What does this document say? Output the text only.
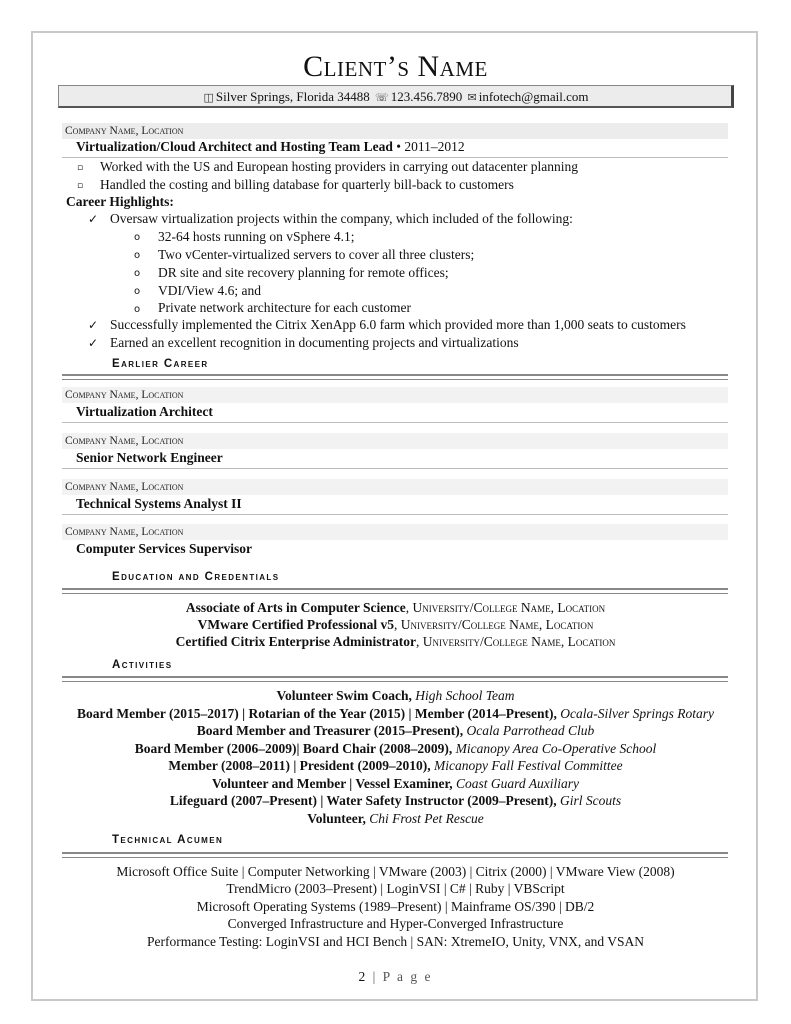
Client’s Name
◫ Silver Springs, Florida 34488 ☏ 123.456.7890 ✉ infotech@gmail.com
Company Name, Location
Virtualization/Cloud Architect and Hosting Team Lead • 2011–2012
▫ Worked with the US and European hosting providers in carrying out datacenter planning
▫ Handled the costing and billing database for quarterly bill-back to customers
Career Highlights:
✓ Oversaw virtualization projects within the company, which included of the following:
o 32-64 hosts running on vSphere 4.1;
o Two vCenter-virtualized servers to cover all three clusters;
o DR site and site recovery planning for remote offices;
o VDI/View 4.6; and
o Private network architecture for each customer
✓ Successfully implemented the Citrix XenApp 6.0 farm which provided more than 1,000 seats to customers
✓ Earned an excellent recognition in documenting projects and virtualizations
Earlier Career
Company Name, Location
Virtualization Architect
Company Name, Location
Senior Network Engineer
Company Name, Location
Technical Systems Analyst II
Company Name, Location
Computer Services Supervisor
Education and Credentials
Associate of Arts in Computer Science, University/College Name, Location
VMware Certified Professional v5, University/College Name, Location
Certified Citrix Enterprise Administrator, University/College Name, Location
Activities
Volunteer Swim Coach, High School Team
Board Member (2015–2017) | Rotarian of the Year (2015) | Member (2014–Present), Ocala-Silver Springs Rotary
Board Member and Treasurer (2015–Present), Ocala Parrothead Club
Board Member (2006–2009)| Board Chair (2008–2009), Micanopy Area Co-Operative School
Member (2008–2011) | President (2009–2010), Micanopy Fall Festival Committee
Volunteer and Member | Vessel Examiner, Coast Guard Auxiliary
Lifeguard (2007–Present) | Water Safety Instructor (2009–Present), Girl Scouts
Volunteer, Chi Frost Pet Rescue
Technical Acumen
Microsoft Office Suite | Computer Networking | VMware (2003) | Citrix (2000) | VMware View (2008)
TrendMicro (2003–Present) | LoginVSI | C# | Ruby | VBScript
Microsoft Operating Systems (1989–Present) | Mainframe OS/390 | DB/2
Converged Infrastructure and Hyper-Converged Infrastructure
Performance Testing: LoginVSI and HCI Bench | SAN: XtremeIO, Unity, VNX, and VSAN
2 | P a g e
